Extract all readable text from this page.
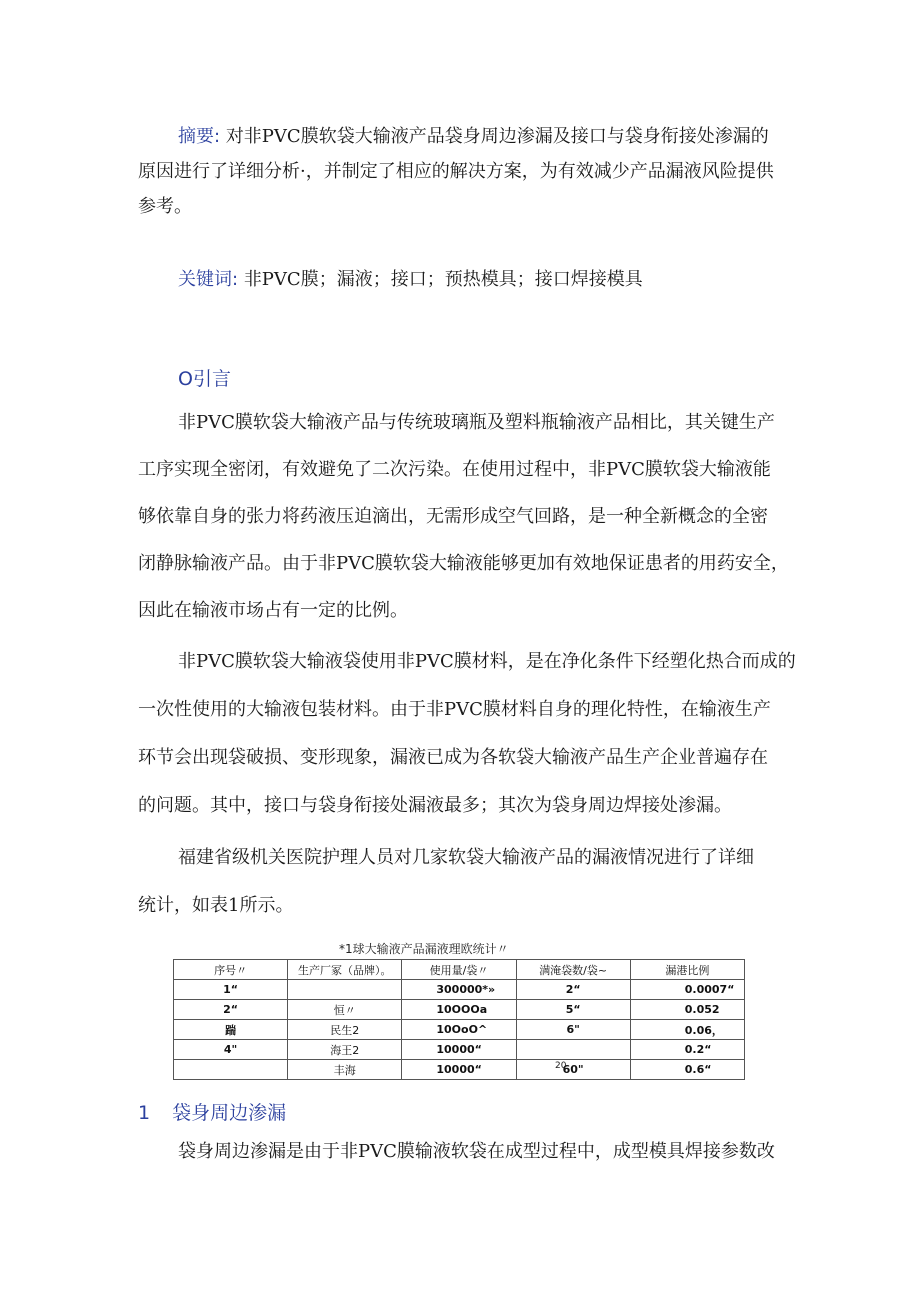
摘要: 对非PVC膜软袋大输液产品袋身周边渗漏及接口与袋身衔接处渗漏的
原因进行了详细分析·，并制定了相应的解决方案，为有效减少产品漏液风险提供
参考。
关键词: 非PVC膜；漏液；接口；预热模具；接口焊接模具
O引言
非PVC膜软袋大输液产品与传统玻璃瓶及塑料瓶输液产品相比，其关键生产
工序实现全密闭，有效避免了二次污染。在使用过程中，非PVC膜软袋大输液能
够依靠自身的张力将药液压迫滴出，无需形成空气回路，是一种全新概念的全密
闭静脉输液产品。由于非PVC膜软袋大输液能够更加有效地保证患者的用药安全，
因此在输液市场占有一定的比例。
非PVC膜软袋大输液袋使用非PVC膜材料，是在净化条件下经塑化热合而成的
一次性使用的大输液包装材料。由于非PVC膜材料自身的理化特性，在输液生产
环节会出现袋破损、变形现象，漏液已成为各软袋大输液产品生产企业普遍存在
的问题。其中，接口与袋身衔接处漏液最多；其次为袋身周边焊接处渗漏。
福建省级机关医院护理人员对几家软袋大输液产品的漏液情况进行了详细
统计，如表1所示。
*1球大输液产品漏液理欧统计〃
序号〃	生产厂冢（品牌）。	使用量/袋〃	满淹袋数/袋~	漏港比例
1“		300000*»	2“	0.0007“
2“	恒〃	10OOOa	5“	0.052
踹	民生2	10OoO^	6"	0.06，
4"	海王2	10000“		0.2“
	丰海	10000“	60"	0.6“
20
1 袋身周边渗漏
袋身周边渗漏是由于非PVC膜输液软袋在成型过程中，成型模具焊接参数改
